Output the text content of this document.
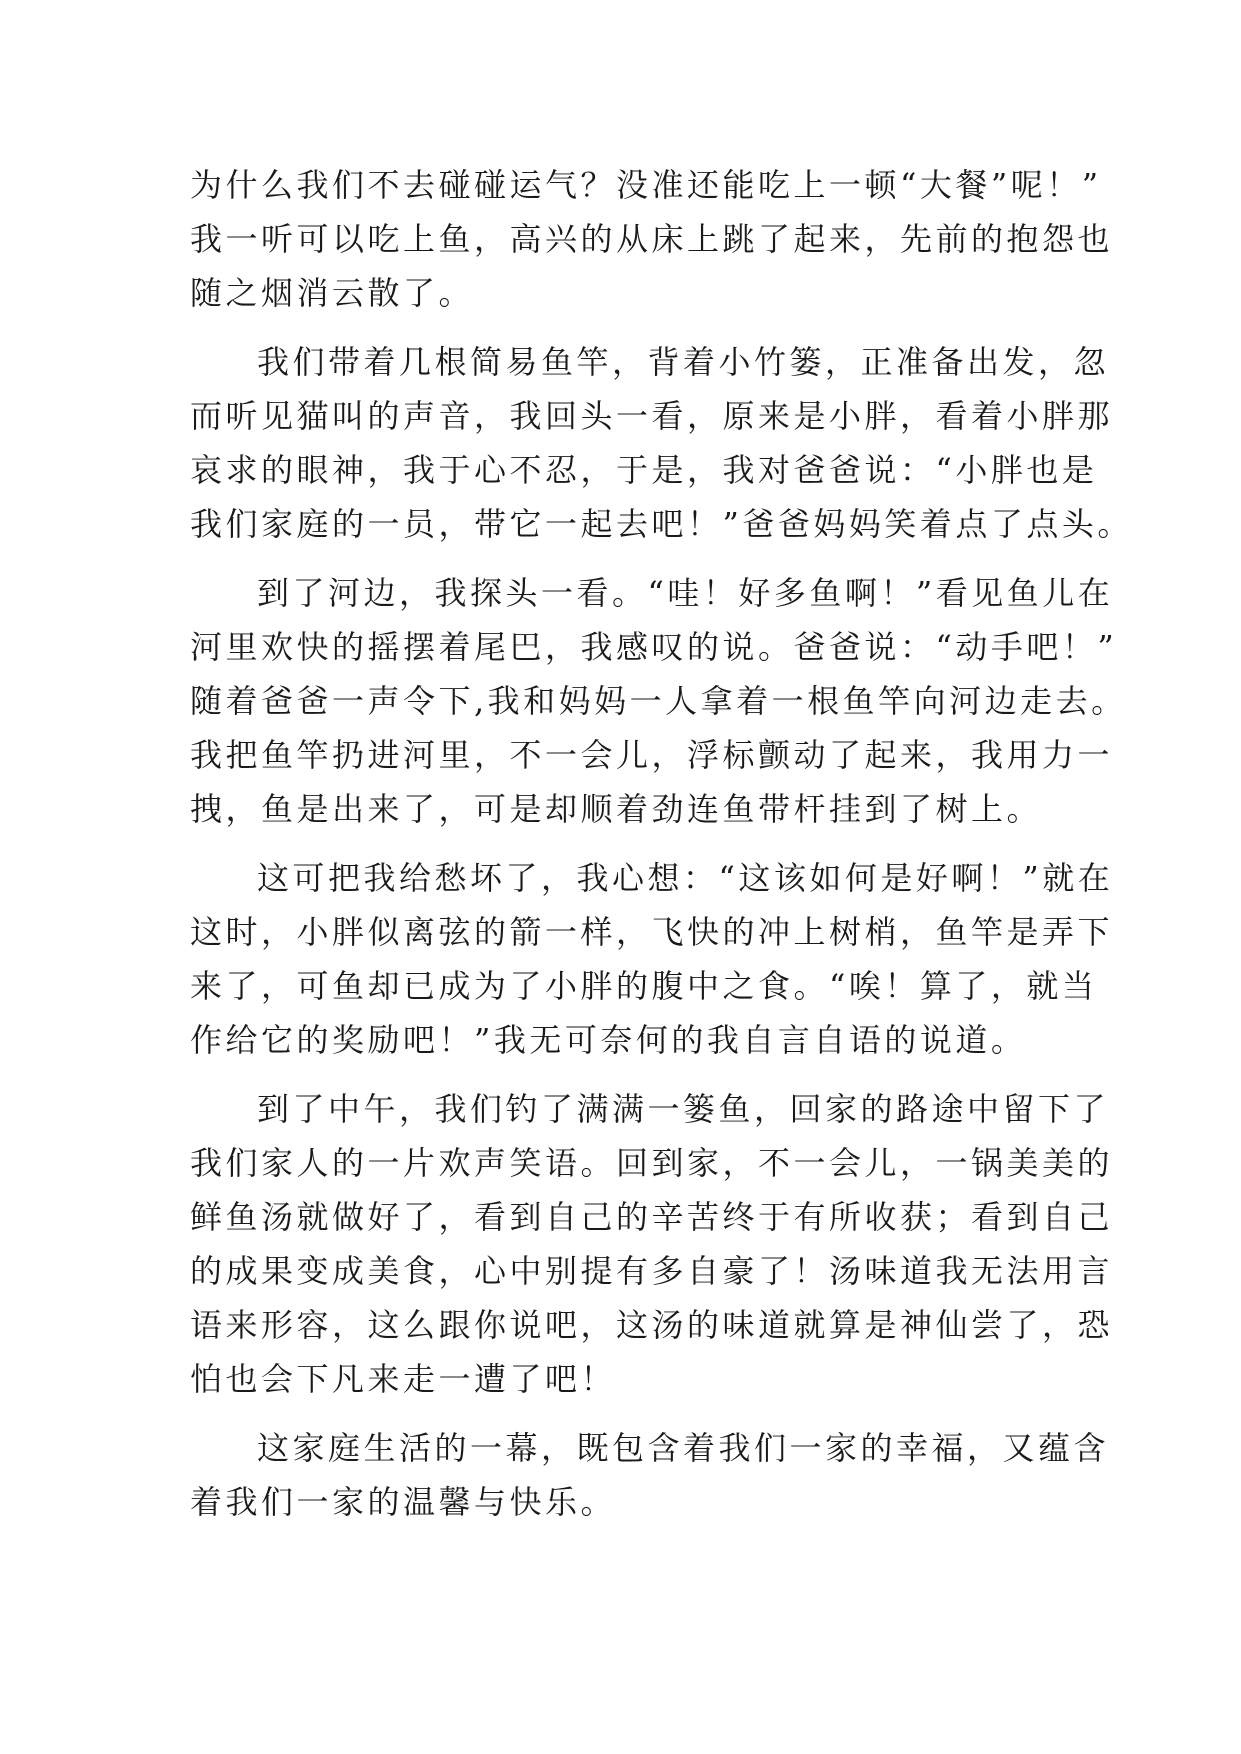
为什么我们不去碰碰运气？没准还能吃上一顿“大餐”呢！”
我一听可以吃上鱼，高兴的从床上跳了起来，先前的抱怨也
随之烟消云散了。
我们带着几根简易鱼竿，背着小竹篓，正准备出发，忽
而听见猫叫的声音，我回头一看，原来是小胖，看着小胖那
哀求的眼神，我于心不忍，于是，我对爸爸说：“小胖也是
我们家庭的一员，带它一起去吧！”爸爸妈妈笑着点了点头。
到了河边，我探头一看。“哇！好多鱼啊！”看见鱼儿在
河里欢快的摇摆着尾巴，我感叹的说。爸爸说：“动手吧！”
随着爸爸一声令下,我和妈妈一人拿着一根鱼竿向河边走去。
我把鱼竿扔进河里，不一会儿，浮标颤动了起来，我用力一
拽，鱼是出来了，可是却顺着劲连鱼带杆挂到了树上。
这可把我给愁坏了，我心想：“这该如何是好啊！”就在
这时，小胖似离弦的箭一样，飞快的冲上树梢，鱼竿是弄下
来了，可鱼却已成为了小胖的腹中之食。“唉！算了，就当
作给它的奖励吧！”我无可奈何的我自言自语的说道。
到了中午，我们钓了满满一篓鱼，回家的路途中留下了
我们家人的一片欢声笑语。回到家，不一会儿，一锅美美的
鲜鱼汤就做好了，看到自己的辛苦终于有所收获；看到自己
的成果变成美食，心中别提有多自豪了！汤味道我无法用言
语来形容，这么跟你说吧，这汤的味道就算是神仙尝了，恐
怕也会下凡来走一遭了吧！
这家庭生活的一幕，既包含着我们一家的幸福，又蕴含
着我们一家的温馨与快乐。
